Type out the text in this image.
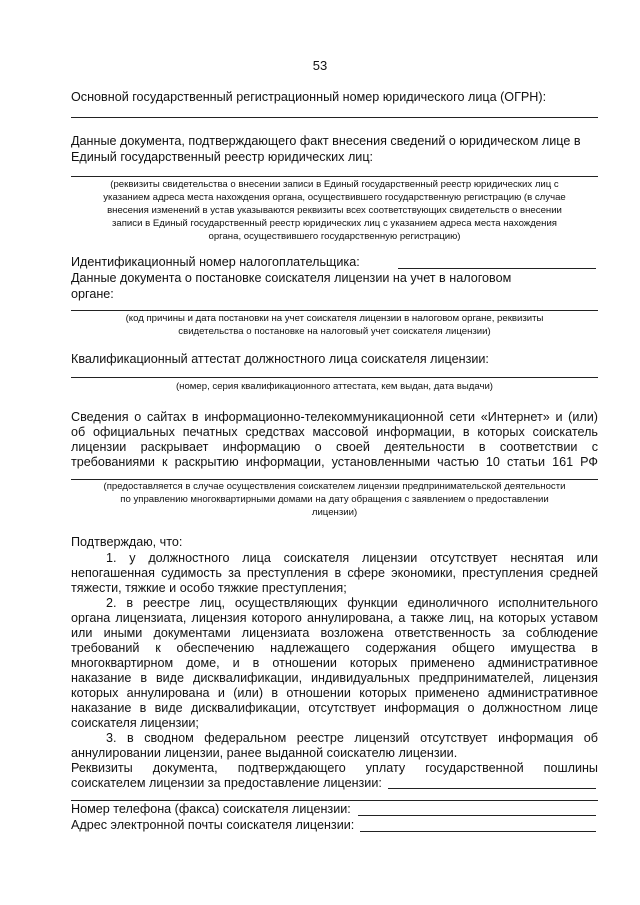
53
Основной государственный регистрационный номер юридического лица (ОГРН):
Данные документа, подтверждающего факт внесения сведений о юридическом лице в
Единый государственный реестр юридических лиц:
(реквизиты свидетельства о внесении записи в Единый государственный реестр юридических лиц с
указанием адреса места нахождения органа, осуществившего государственную регистрацию (в случае
внесения изменений в устав указываются реквизиты всех соответствующих свидетельств о внесении
записи в Единый государственный реестр юридических лиц с указанием адреса места нахождения
органа, осуществившего государственную регистрацию)
Идентификационный номер налогоплательщика:
Данные документа о постановке соискателя лицензии на учет в налоговом
органе:
(код причины и дата постановки на учет соискателя лицензии в налоговом органе, реквизиты
свидетельства о постановке на налоговый учет соискателя лицензии)
Квалификационный аттестат должностного лица соискателя лицензии:
(номер, серия квалификационного аттестата, кем выдан, дата выдачи)
Сведения о сайтах в информационно-телекоммуникационной сети «Интернет» и (или)
об официальных печатных средствах массовой информации, в которых соискатель
лицензии раскрывает информацию о своей деятельности в соответствии с
требованиями к раскрытию информации, установленными частью 10 статьи 161 РФ
(предоставляется в случае осуществления соискателем лицензии предпринимательской деятельности
по управлению многоквартирными домами на дату обращения с заявлением о предоставлении
лицензии)
Подтверждаю, что:
1. у должностного лица соискателя лицензии отсутствует неснятая или
непогашенная судимость за преступления в сфере экономики, преступления средней
тяжести, тяжкие и особо тяжкие преступления;
2. в реестре лиц, осуществляющих функции единоличного исполнительного
органа лицензиата, лицензия которого аннулирована, а также лиц, на которых уставом
или иными документами лицензиата возложена ответственность за соблюдение
требований к обеспечению надлежащего содержания общего имущества в
многоквартирном доме, и в отношении которых применено административное
наказание в виде дисквалификации, индивидуальных предпринимателей, лицензия
которых аннулирована и (или) в отношении которых применено административное
наказание в виде дисквалификации, отсутствует информация о должностном лице
соискателя лицензии;
3. в сводном федеральном реестре лицензий отсутствует информация об
аннулировании лицензии, ранее выданной соискателю лицензии.
Реквизиты документа, подтверждающего уплату государственной пошлины
соискателем лицензии за предоставление лицензии:
Номер телефона (факса) соискателя лицензии:
Адрес электронной почты соискателя лицензии:
